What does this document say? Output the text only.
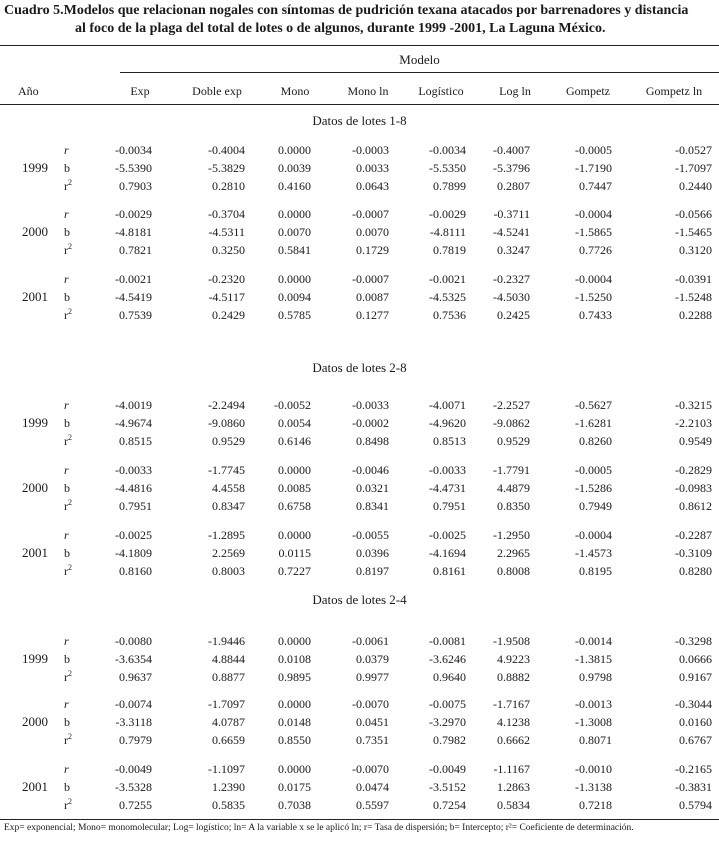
Cuadro 5.Modelos que relacionan nogales con síntomas de pudrición texana atacados por barrenadores y distancia
al foco de la plaga del total de lotes o de algunos, durante 1999 -2001, La Laguna México.
Modelo
Año	Exp	Doble exp	Mono	Mono ln	Logístico	Log ln	Gompetz	Gompetz ln
Datos de lotes 1-8
1999
r	-0.0034	-0.4004	0.0000	-0.0003	-0.0034	-0.4007	-0.0005	-0.0527
b	-5.5390	-5.3829	0.0039	0.0033	-5.5350	-5.3796	-1.7190	-1.7097
$r^2$	0.7903	0.2810	0.4160	0.0643	0.7899	0.2807	0.7447	0.2440
2000
r	-0.0029	-0.3704	0.0000	-0.0007	-0.0029	-0.3711	-0.0004	-0.0566
b	-4.8181	-4.5311	0.0070	0.0070	-4.8111	-4.5241	-1.5865	-1.5465
$r^2$	0.7821	0.3250	0.5841	0.1729	0.7819	0.3247	0.7726	0.3120
2001
r	-0.0021	-0.2320	0.0000	-0.0007	-0.0021	-0.2327	-0.0004	-0.0391
b	-4.5419	-4.5117	0.0094	0.0087	-4.5325	-4.5030	-1.5250	-1.5248
$r^2$	0.7539	0.2429	0.5785	0.1277	0.7536	0.2425	0.7433	0.2288
Datos de lotes 2-8
1999
r	-4.0019	-2.2494	-0.0052	-0.0033	-4.0071	-2.2527	-0.5627	-0.3215
b	-4.9674	-9.0860	0.0054	-0.0002	-4.9620	-9.0862	-1.6281	-2.2103
$r^2$	0.8515	0.9529	0.6146	0.8498	0.8513	0.9529	0.8260	0.9549
2000
r	-0.0033	-1.7745	0.0000	-0.0046	-0.0033	-1.7791	-0.0005	-0.2829
b	-4.4816	4.4558	0.0085	0.0321	-4.4731	4.4879	-1.5286	-0.0983
$r^2$	0.7951	0.8347	0.6758	0.8341	0.7951	0.8350	0.7949	0.8612
2001
r	-0.0025	-1.2895	0.0000	-0.0055	-0.0025	-1.2950	-0.0004	-0.2287
b	-4.1809	2.2569	0.0115	0.0396	-4.1694	2.2965	-1.4573	-0.3109
$r^2$	0.8160	0.8003	0.7227	0.8197	0.8161	0.8008	0.8195	0.8280
Datos de lotes 2-4
1999
r	-0.0080	-1.9446	0.0000	-0.0061	-0.0081	-1.9508	-0.0014	-0.3298
b	-3.6354	4.8844	0.0108	0.0379	-3.6246	4.9223	-1.3815	0.0666
$r^2$	0.9637	0.8877	0.9895	0.9977	0.9640	0.8882	0.9798	0.9167
2000
r	-0.0074	-1.7097	0.0000	-0.0070	-0.0075	-1.7167	-0.0013	-0.3044
b	-3.3118	4.0787	0.0148	0.0451	-3.2970	4.1238	-1.3008	0.0160
$r^2$	0.7979	0.6659	0.8550	0.7351	0.7982	0.6662	0.8071	0.6767
2001
r	-0.0049	-1.1097	0.0000	-0.0070	-0.0049	-1.1167	-0.0010	-0.2165
b	-3.5328	1.2390	0.0175	0.0474	-3.5152	1.2863	-1.3138	-0.3831
$r^2$	0.7255	0.5835	0.7038	0.5597	0.7254	0.5834	0.7218	0.5794
Exp= exponencial; Mono= monomolecular; Log= logístico; ln= A la variable x se le aplicó ln; r= Tasa de dispersión; b= Intercepto; r²= Coeficiente de determinación.
